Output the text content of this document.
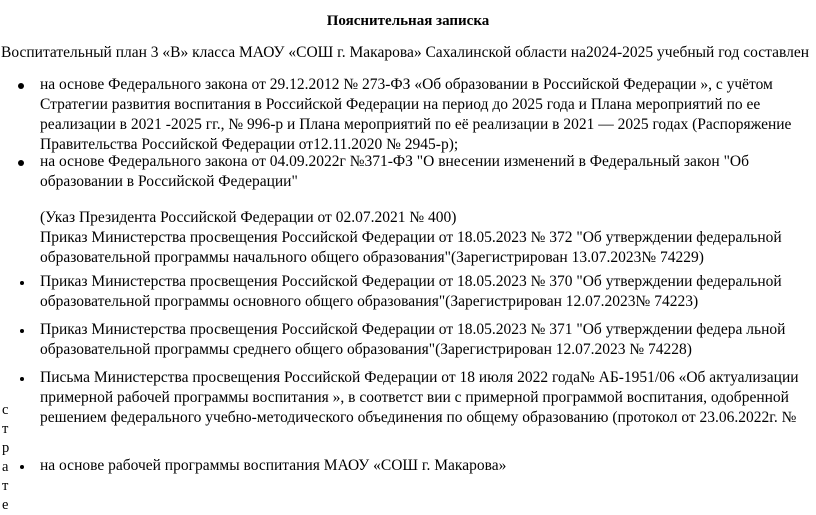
Пояснительная записка
Воспитательный план 3 «В» класса МАОУ «СОШ г. Макарова» Сахалинской области на2024-2025 учебный год составлен
на основе Федерального закона от 29.12.2012 № 273-ФЗ «Об образовании в Российской Федерации », с учётом
Стратегии развития воспитания в Российской Федерации на период до 2025 года и Плана мероприятий по ее
реализации в 2021 -2025 гг., № 996-р и Плана мероприятий по её реализации в 2021 — 2025 годах (Распоряжение
Правительства Российской Федерации от12.11.2020 № 2945-р);
на основе Федерального закона от 04.09.2022г №371-ФЗ "О внесении изменений в Федеральный закон "Об
образовании в Российской Федерации"
(Указ Президента Российской Федерации от 02.07.2021 № 400)
Приказ Министерства просвещения Российской Федерации от 18.05.2023 № 372 "Об утверждении федеральной
образовательной программы начального общего образования"(Зарегистрирован 13.07.2023№ 74229)
Приказ Министерства просвещения Российской Федерации от 18.05.2023 № 370 "Об утверждении федеральной
образовательной программы основного общего образования"(Зарегистрирован 12.07.2023№ 74223)
Приказ Министерства просвещения Российской Федерации от 18.05.2023 № 371 "Об утверждении федера льной
образовательной программы среднего общего образования"(Зарегистрирован 12.07.2023 № 74228)
Письма Министерства просвещения Российской Федерации от 18 июля 2022 года№ АБ-1951/06 «Об актуализации
примерной рабочей программы воспитания », в соответст вии с примерной программой воспитания, одобренной
решением федерального учебно-методического объединения по общему образованию (протокол от 23.06.2022г. №
на основе рабочей программы воспитания МАОУ «СОШ г. Макарова»
с
т
р
а
т
е
